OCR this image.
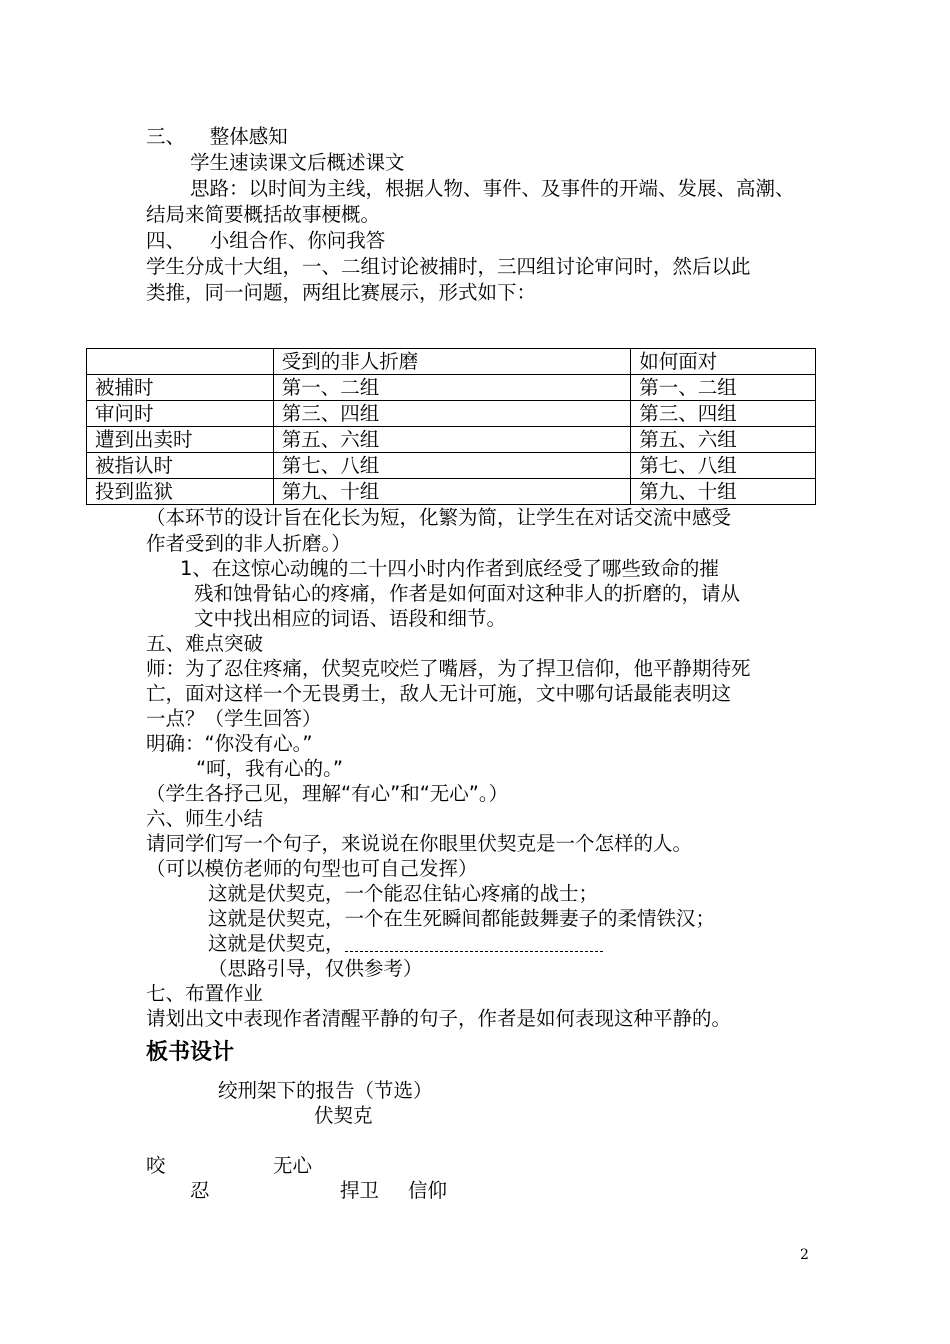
三、    整体感知
学生速读课文后概述课文
思路：以时间为主线，根据人物、事件、及事件的开端、发展、高潮、
结局来简要概括故事梗概。
四、    小组合作、你问我答
学生分成十大组，一、二组讨论被捕时，三四组讨论审问时，然后以此
类推，同一问题，两组比赛展示，形式如下：
	受到的非人折磨	如何面对
被捕时	第一、二组	第一、二组
审问时	第三、四组	第三、四组
遭到出卖时	第五、六组	第五、六组
被指认时	第七、八组	第七、八组
投到监狱	第九、十组	第九、十组
（本环节的设计旨在化长为短，化繁为简，让学生在对话交流中感受
作者受到的非人折磨。）
1、在这惊心动魄的二十四小时内作者到底经受了哪些致命的摧
残和蚀骨钻心的疼痛，作者是如何面对这种非人的折磨的，请从
文中找出相应的词语、语段和细节。
五、难点突破
师：为了忍住疼痛，伏契克咬烂了嘴唇，为了捍卫信仰，他平静期待死
亡，面对这样一个无畏勇士，敌人无计可施，文中哪句话最能表明这
一点？（学生回答）
明确：“你没有心。”
“呵，我有心的。”
（学生各抒己见，理解“有心”和“无心”。）
六、师生小结
请同学们写一个句子，来说说在你眼里伏契克是一个怎样的人。
（可以模仿老师的句型也可自己发挥）
这就是伏契克，一个能忍住钻心疼痛的战士；
这就是伏契克，一个在生死瞬间都能鼓舞妻子的柔情铁汉；
这就是伏契克，
（思路引导，仅供参考）
七、布置作业
请划出文中表现作者清醒平静的句子，作者是如何表现这种平静的。
板书设计
绞刑架下的报告（节选）
伏契克
咬	无心
忍	捍卫 信仰
2
